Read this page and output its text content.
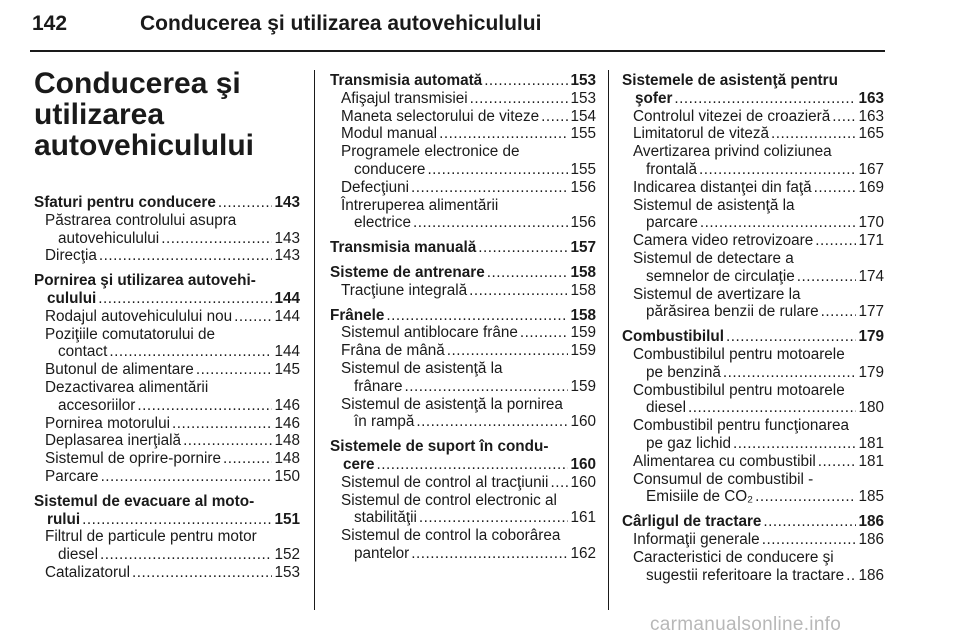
142	Conducerea şi utilizarea autovehiculului
Conducerea şi
utilizarea
autovehiculului
Sfaturi pentru conducere .....	143
Păstrarea controlului asupra
autovehiculului .....	143
Direcţia .....	143
Pornirea şi utilizarea autovehi-
culului .....	144
Rodajul autovehiculului nou .....	144
Poziţiile comutatorului de
contact .....	144
Butonul de alimentare .....	145
Dezactivarea alimentării
accesoriilor .....	146
Pornirea motorului .....	146
Deplasarea inerţială .....	148
Sistemul de oprire-pornire .....	148
Parcare .....	150
Sistemul de evacuare al moto-
rului .....	151
Filtrul de particule pentru motor
diesel .....	152
Catalizatorul .....	153
Transmisia automată .....	153
Afişajul transmisiei .....	153
Maneta selectorului de viteze ..... 154
Modul manual .....	155
Programele electronice de
conducere .....	155
Defecţiuni .....	156
Întreruperea alimentării
electrice .....	156
Transmisia manuală .....	157
Sisteme de antrenare .....	158
Tracţiune integrală .....	158
Frânele .....	158
Sistemul antiblocare frâne .....	159
Frâna de mână .....	159
Sistemul de asistenţă la
frânare .....	159
Sistemul de asistenţă la pornirea
în rampă .....	160
Sistemele de suport în condu-
cere .....	160
Sistemul de control al tracţiunii ..... 160
Sistemul de control electronic al
stabilităţii .....	161
Sistemul de control la coborârea
pantelor .....	162
Sistemele de asistenţă pentru
şofer .....	163
Controlul vitezei de croazieră ..... 163
Limitatorul de viteză .....	165
Avertizarea privind coliziunea
frontală .....	167
Indicarea distanţei din faţă .....	169
Sistemul de asistenţă la
parcare .....	170
Camera video retrovizoare .....	171
Sistemul de detectare a
semnelor de circulaţie .....	174
Sistemul de avertizare la
părăsirea benzii de rulare .....	177
Combustibilul .....	179
Combustibilul pentru motoarele
pe benzină .....	179
Combustibilul pentru motoarele
diesel .....	180
Combustibil pentru funcţionarea
pe gaz lichid .....	181
Alimentarea cu combustibil .....	181
Consumul de combustibil -
Emisiile de CO₂ .....	185
Cârligul de tractare .....	186
Informaţii generale .....	186
Caracteristici de conducere şi
sugestii referitoare la tractare ..... 186
carmanualsonline.info
